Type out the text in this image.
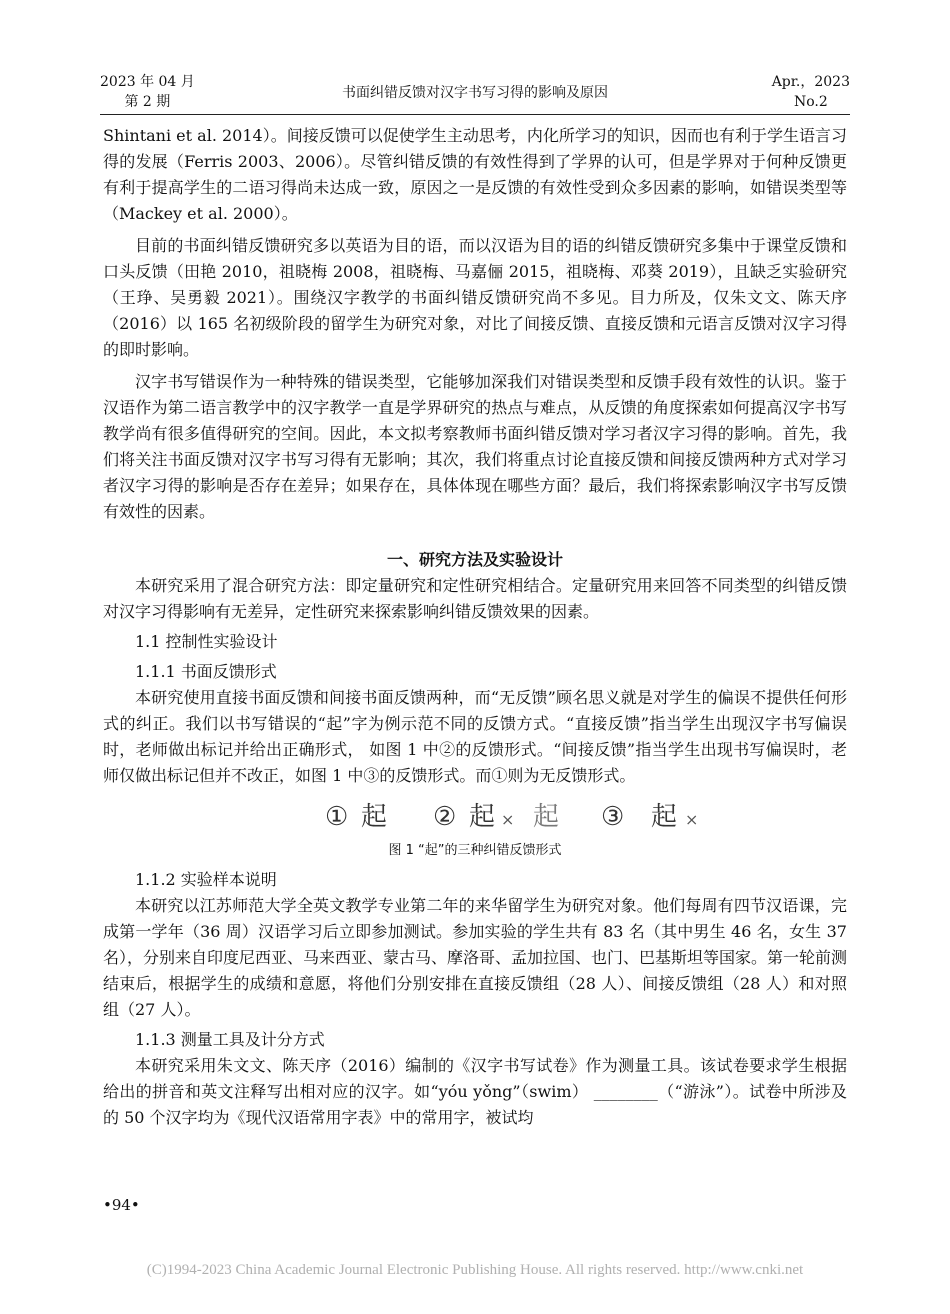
2023 年 04 月
第 2 期
书面纠错反馈对汉字书写习得的影响及原因
Apr.，2023
No.2

Shintani et al. 2014）。间接反馈可以促使学生主动思考，内化所学习的知识，因而也有利于学生语言习得的发展（Ferris 2003、2006）。尽管纠错反馈的有效性得到了学界的认可，但是学界对于何种反馈更有利于提高学生的二语习得尚未达成一致，原因之一是反馈的有效性受到众多因素的影响，如错误类型等（Mackey et al. 2000）。

目前的书面纠错反馈研究多以英语为目的语，而以汉语为目的语的纠错反馈研究多集中于课堂反馈和口头反馈（田艳 2010，祖晓梅 2008，祖晓梅、马嘉俪 2015，祖晓梅、邓葵 2019），且缺乏实验研究（王琤、吴勇毅 2021）。围绕汉字教学的书面纠错反馈研究尚不多见。目力所及，仅朱文文、陈天序（2016）以 165 名初级阶段的留学生为研究对象，对比了间接反馈、直接反馈和元语言反馈对汉字习得的即时影响。

汉字书写错误作为一种特殊的错误类型，它能够加深我们对错误类型和反馈手段有效性的认识。鉴于汉语作为第二语言教学中的汉字教学一直是学界研究的热点与难点，从反馈的角度探索如何提高汉字书写教学尚有很多值得研究的空间。因此，本文拟考察教师书面纠错反馈对学习者汉字习得的影响。首先，我们将关注书面反馈对汉字书写习得有无影响；其次，我们将重点讨论直接反馈和间接反馈两种方式对学习者汉字习得的影响是否存在差异；如果存在，具体体现在哪些方面？最后，我们将探索影响汉字书写反馈有效性的因素。

一、研究方法及实验设计

本研究采用了混合研究方法：即定量研究和定性研究相结合。定量研究用来回答不同类型的纠错反馈对汉字习得影响有无差异，定性研究来探索影响纠错反馈效果的因素。

1.1 控制性实验设计

1.1.1 书面反馈形式

本研究使用直接书面反馈和间接书面反馈两种，而“无反馈”顾名思义就是对学生的偏误不提供任何形式的纠正。我们以书写错误的“起”字为例示范不同的反馈方式。“直接反馈”指当学生出现汉字书写偏误时，老师做出标记并给出正确形式， 如图 1 中②的反馈形式。“间接反馈”指当学生出现书写偏误时，老师仅做出标记但并不改正，如图 1 中③的反馈形式。而①则为无反馈形式。

① 起 ② 起 × 起 ③ 起 ×

图 1 “起”的三种纠错反馈形式

1.1.2 实验样本说明

本研究以江苏师范大学全英文教学专业第二年的来华留学生为研究对象。他们每周有四节汉语课，完成第一学年（36 周）汉语学习后立即参加测试。参加实验的学生共有 83 名（其中男生 46 名，女生 37 名），分别来自印度尼西亚、马来西亚、蒙古马、摩洛哥、孟加拉国、也门、巴基斯坦等国家。第一轮前测结束后，根据学生的成绩和意愿，将他们分别安排在直接反馈组（28 人）、间接反馈组（28 人）和对照组（27 人）。

1.1.3 测量工具及计分方式

本研究采用朱文文、陈天序（2016）编制的《汉字书写试卷》作为测量工具。该试卷要求学生根据给出的拼音和英文注释写出相对应的汉字。如“yóu yǒng”（swim） ________（“游泳”）。试卷中所涉及的 50 个汉字均为《现代汉语常用字表》中的常用字，被试均

•94•
(C)1994-2023 China Academic Journal Electronic Publishing House. All rights reserved. http://www.cnki.net
